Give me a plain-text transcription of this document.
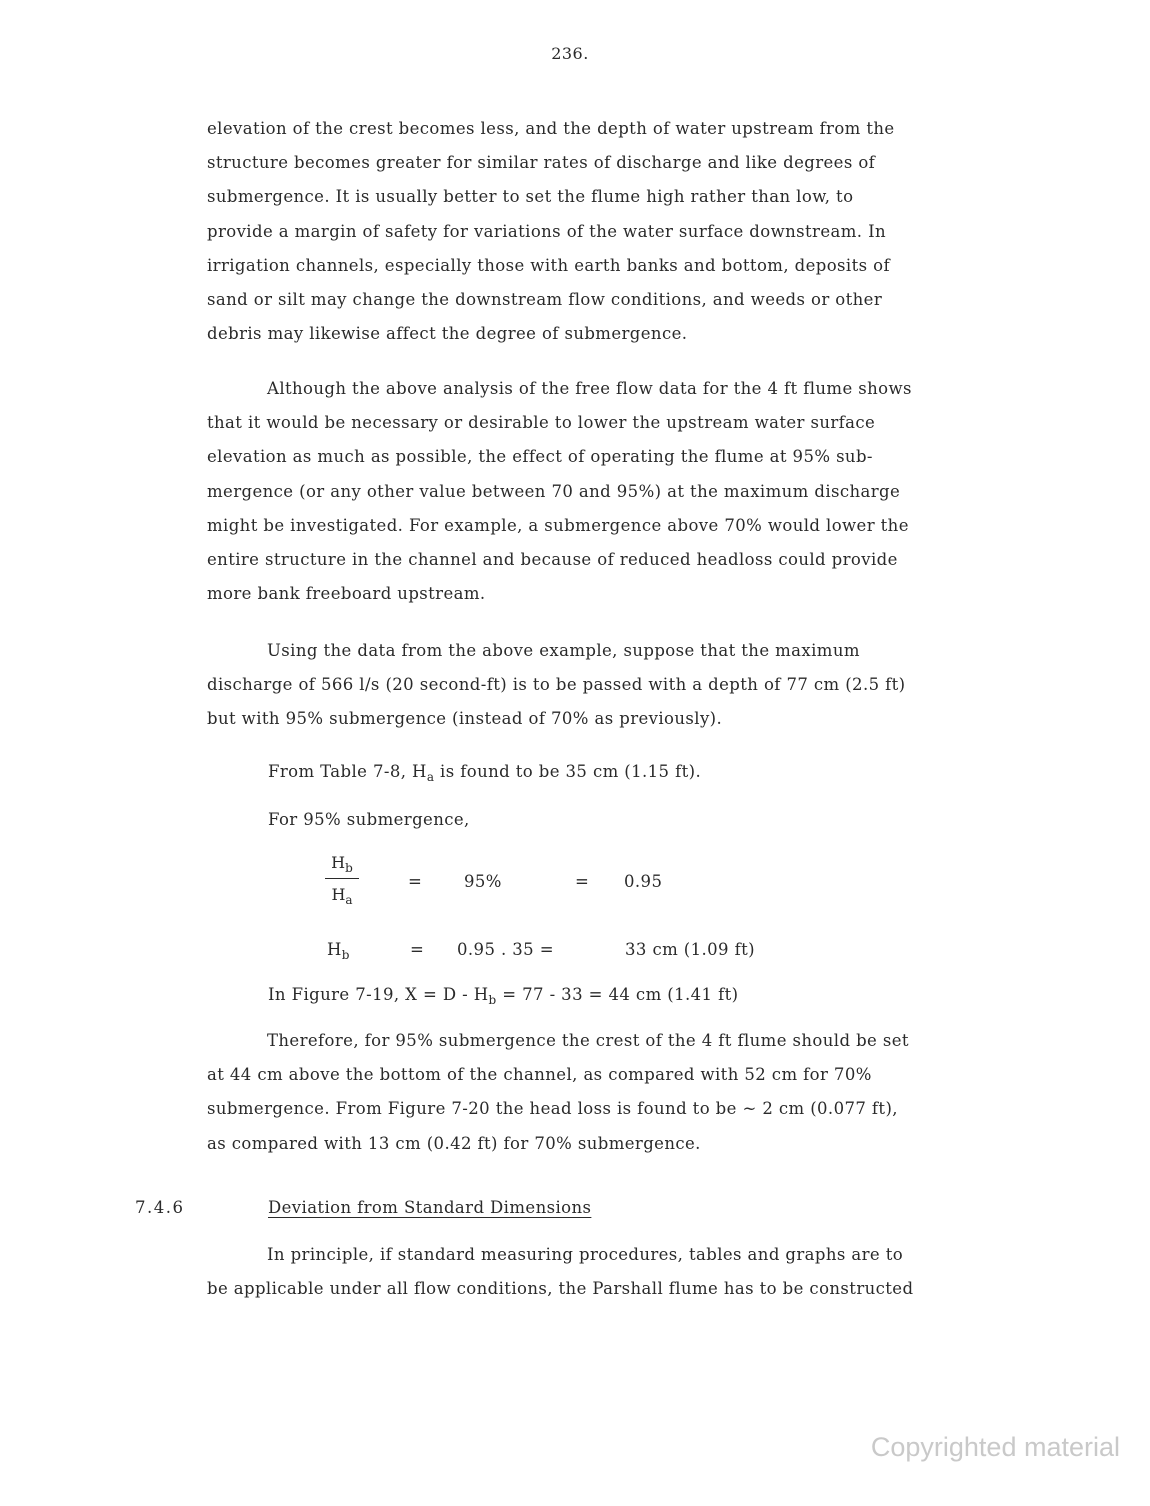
236.
elevation of the crest becomes less, and the depth of water upstream from the
structure becomes greater for similar rates of discharge and like degrees of
submergence. It is usually better to set the flume high rather than low, to
provide a margin of safety for variations of the water surface downstream. In
irrigation channels, especially those with earth banks and bottom, deposits of
sand or silt may change the downstream flow conditions, and weeds or other
debris may likewise affect the degree of submergence.
Although the above analysis of the free flow data for the 4 ft flume shows
that it would be necessary or desirable to lower the upstream water surface
elevation as much as possible, the effect of operating the flume at 95% sub-
mergence (or any other value between 70 and 95%) at the maximum discharge
might be investigated. For example, a submergence above 70% would lower the
entire structure in the channel and because of reduced headloss could provide
more bank freeboard upstream.
Using the data from the above example, suppose that the maximum
discharge of 566 l/s (20 second-ft) is to be passed with a depth of 77 cm (2.5 ft)
but with 95% submergence (instead of 70% as previously).
From Table 7-8, $H_a$ is found to be 35 cm (1.15 ft).
For 95% submergence,
$\frac{H_b}{H_a}$	=	95%	= 0.95
$H_b$	= 0.95 . 35 =	33 cm (1.09 ft)
In Figure 7-19, $X = D - H_b = 77 - 33 = 44$ cm (1.41 ft)
Therefore, for 95% submergence the crest of the 4 ft flume should be set
at 44 cm above the bottom of the channel, as compared with 52 cm for 70%
submergence. From Figure 7-20 the head loss is found to be ~ 2 cm (0.077 ft),
as compared with 13 cm (0.42 ft) for 70% submergence.
7.4.6	Deviation from Standard Dimensions
In principle, if standard measuring procedures, tables and graphs are to
be applicable under all flow conditions, the Parshall flume has to be constructed
Copyrighted material
